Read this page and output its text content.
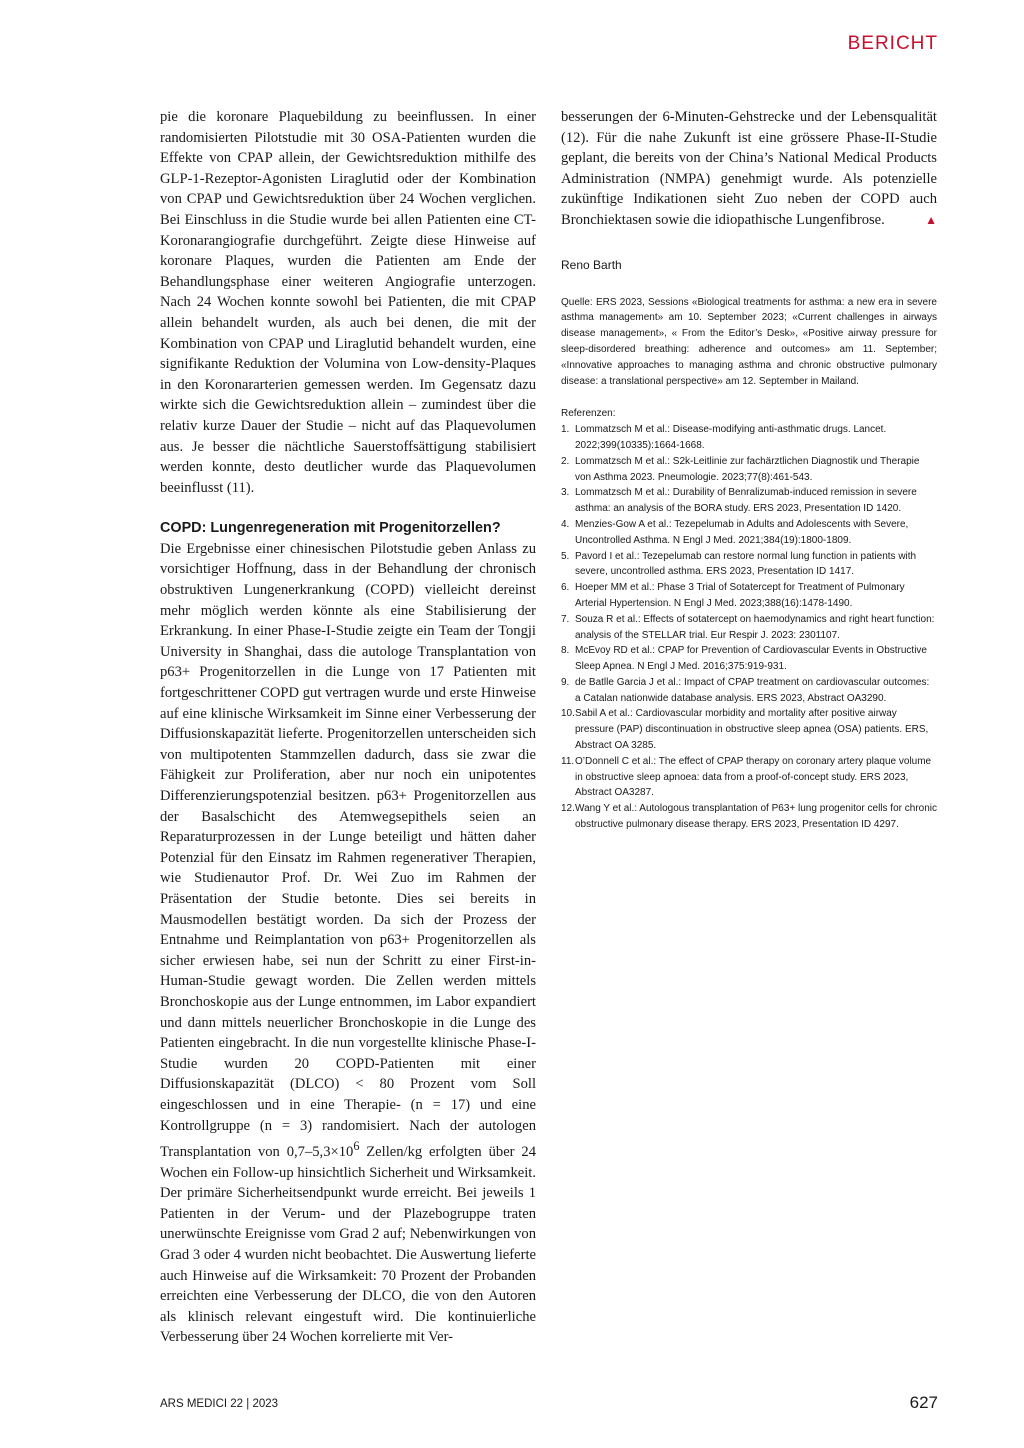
BERICHT

pie die koronare Plaquebildung zu beeinflussen. In einer randomisierten Pilotstudie mit 30 OSA-Patienten wurden die Effekte von CPAP allein, der Gewichtsreduktion mithilfe des GLP-1-Rezeptor-Agonisten Liraglutid oder der Kombination von CPAP und Gewichtsreduktion über 24 Wochen verglichen. Bei Einschluss in die Studie wurde bei allen Patienten eine CT-Koronarangiografie durchgeführt. Zeigte diese Hinweise auf koronare Plaques, wurden die Patienten am Ende der Behandlungsphase einer weiteren Angiografie unterzogen. Nach 24 Wochen konnte sowohl bei Patienten, die mit CPAP allein behandelt wurden, als auch bei denen, die mit der Kombination von CPAP und Liraglutid behandelt wurden, eine signifikante Reduktion der Volumina von Low-density-Plaques in den Koronararterien gemessen werden. Im Gegensatz dazu wirkte sich die Gewichtsreduktion allein – zumindest über die relativ kurze Dauer der Studie – nicht auf das Plaquevolumen aus. Je besser die nächtliche Sauerstoffsättigung stabilisiert werden konnte, desto deutlicher wurde das Plaquevolumen beeinflusst (11).

COPD: Lungenregeneration mit Progenitorzellen?

Die Ergebnisse einer chinesischen Pilotstudie geben Anlass zu vorsichtiger Hoffnung, dass in der Behandlung der chronisch obstruktiven Lungenerkrankung (COPD) vielleicht dereinst mehr möglich werden könnte als eine Stabilisierung der Erkrankung. In einer Phase-I-Studie zeigte ein Team der Tongji University in Shanghai, dass die autologe Transplantation von p63+ Progenitorzellen in die Lunge von 17 Patienten mit fortgeschrittener COPD gut vertragen wurde und erste Hinweise auf eine klinische Wirksamkeit im Sinne einer Verbesserung der Diffusionskapazität lieferte. Progenitorzellen unterscheiden sich von multipotenten Stammzellen dadurch, dass sie zwar die Fähigkeit zur Proliferation, aber nur noch ein unipotentes Differenzierungspotenzial besitzen. p63+ Progenitorzellen aus der Basalschicht des Atemwegsepithels seien an Reparaturprozessen in der Lunge beteiligt und hätten daher Potenzial für den Einsatz im Rahmen regenerativer Therapien, wie Studienautor Prof. Dr. Wei Zuo im Rahmen der Präsentation der Studie betonte. Dies sei bereits in Mausmodellen bestätigt worden. Da sich der Prozess der Entnahme und Reimplantation von p63+ Progenitorzellen als sicher erwiesen habe, sei nun der Schritt zu einer First-in-Human-Studie gewagt worden. Die Zellen werden mittels Bronchoskopie aus der Lunge entnommen, im Labor expandiert und dann mittels neuerlicher Bronchoskopie in die Lunge des Patienten eingebracht. In die nun vorgestellte klinische Phase-I-Studie wurden 20 COPD-Patienten mit einer Diffusionskapazität (DLCO) < 80 Prozent vom Soll eingeschlossen und in eine Therapie- (n = 17) und eine Kontrollgruppe (n = 3) randomisiert. Nach der autologen Transplantation von $0,7-5,3\times 10^6$ Zellen/kg erfolgten über 24 Wochen ein Follow-up hinsichtlich Sicherheit und Wirksamkeit. Der primäre Sicherheitsendpunkt wurde erreicht. Bei jeweils 1 Patienten in der Verum- und der Plazebogruppe traten unerwünschte Ereignisse vom Grad 2 auf; Nebenwirkungen von Grad 3 oder 4 wurden nicht beobachtet. Die Auswertung lieferte auch Hinweise auf die Wirksamkeit: 70 Prozent der Probanden erreichten eine Verbesserung der DLCO, die von den Autoren als klinisch relevant eingestuft wird. Die kontinuierliche Verbesserung über 24 Wochen korrelierte mit Ver-

besserungen der 6-Minuten-Gehstrecke und der Lebensqualität (12). Für die nahe Zukunft ist eine grössere Phase-II-Studie geplant, die bereits von der China’s National Medical Products Administration (NMPA) genehmigt wurde. Als potenzielle zukünftige Indikationen sieht Zuo neben der COPD auch Bronchiektasen sowie die idiopathische Lungenfibrose.	▲

Reno Barth
Quelle: ERS 2023, Sessions «Biological treatments for asthma: a new era in severe asthma management» am 10. September 2023; «Current challenges in airways disease management», « From the Editor’s Desk», «Positive airway pressure for sleep-disordered breathing: adherence and outcomes» am 11. September; «Innovative approaches to managing asthma and chronic obstructive pulmonary disease: a translational perspective» am 12. September in Mailand.
Referenzen:
1. Lommatzsch M et al.: Disease-modifying anti-asthmatic drugs. Lancet. 2022;399(10335):1664-1668.
2. Lommatzsch M et al.: S2k-Leitlinie zur fachärztlichen Diagnostik und Therapie von Asthma 2023. Pneumologie. 2023;77(8):461-543.
3. Lommatzsch M et al.: Durability of Benralizumab-induced remission in severe asthma: an analysis of the BORA study. ERS 2023, Presentation ID 1420.
4. Menzies-Gow A et al.: Tezepelumab in Adults and Adolescents with Severe, Uncontrolled Asthma. N Engl J Med. 2021;384(19):1800-1809.
5. Pavord I et al.: Tezepelumab can restore normal lung function in patients with severe, uncontrolled asthma. ERS 2023, Presentation ID 1417.
6. Hoeper MM et al.: Phase 3 Trial of Sotatercept for Treatment of Pulmonary Arterial Hypertension. N Engl J Med. 2023;388(16):1478-1490.
7. Souza R et al.: Effects of sotatercept on haemodynamics and right heart function: analysis of the STELLAR trial. Eur Respir J. 2023: 2301107.
8. McEvoy RD et al.: CPAP for Prevention of Cardiovascular Events in Obstructive Sleep Apnea. N Engl J Med. 2016;375:919-931.
9. de Batlle Garcia J et al.: Impact of CPAP treatment on cardiovascular outcomes: a Catalan nationwide database analysis. ERS 2023, Abstract OA3290.
10. Sabil A et al.: Cardiovascular morbidity and mortality after positive airway pressure (PAP) discontinuation in obstructive sleep apnea (OSA) patients. ERS, Abstract OA 3285.
11. O’Donnell C et al.: The effect of CPAP therapy on coronary artery plaque volume in obstructive sleep apnoea: data from a proof-of-concept study. ERS 2023, Abstract OA3287.
12. Wang Y et al.: Autologous transplantation of P63+ lung progenitor cells for chronic obstructive pulmonary disease therapy. ERS 2023, Presentation ID 4297.
ARS MEDICI 22 | 2023	627
